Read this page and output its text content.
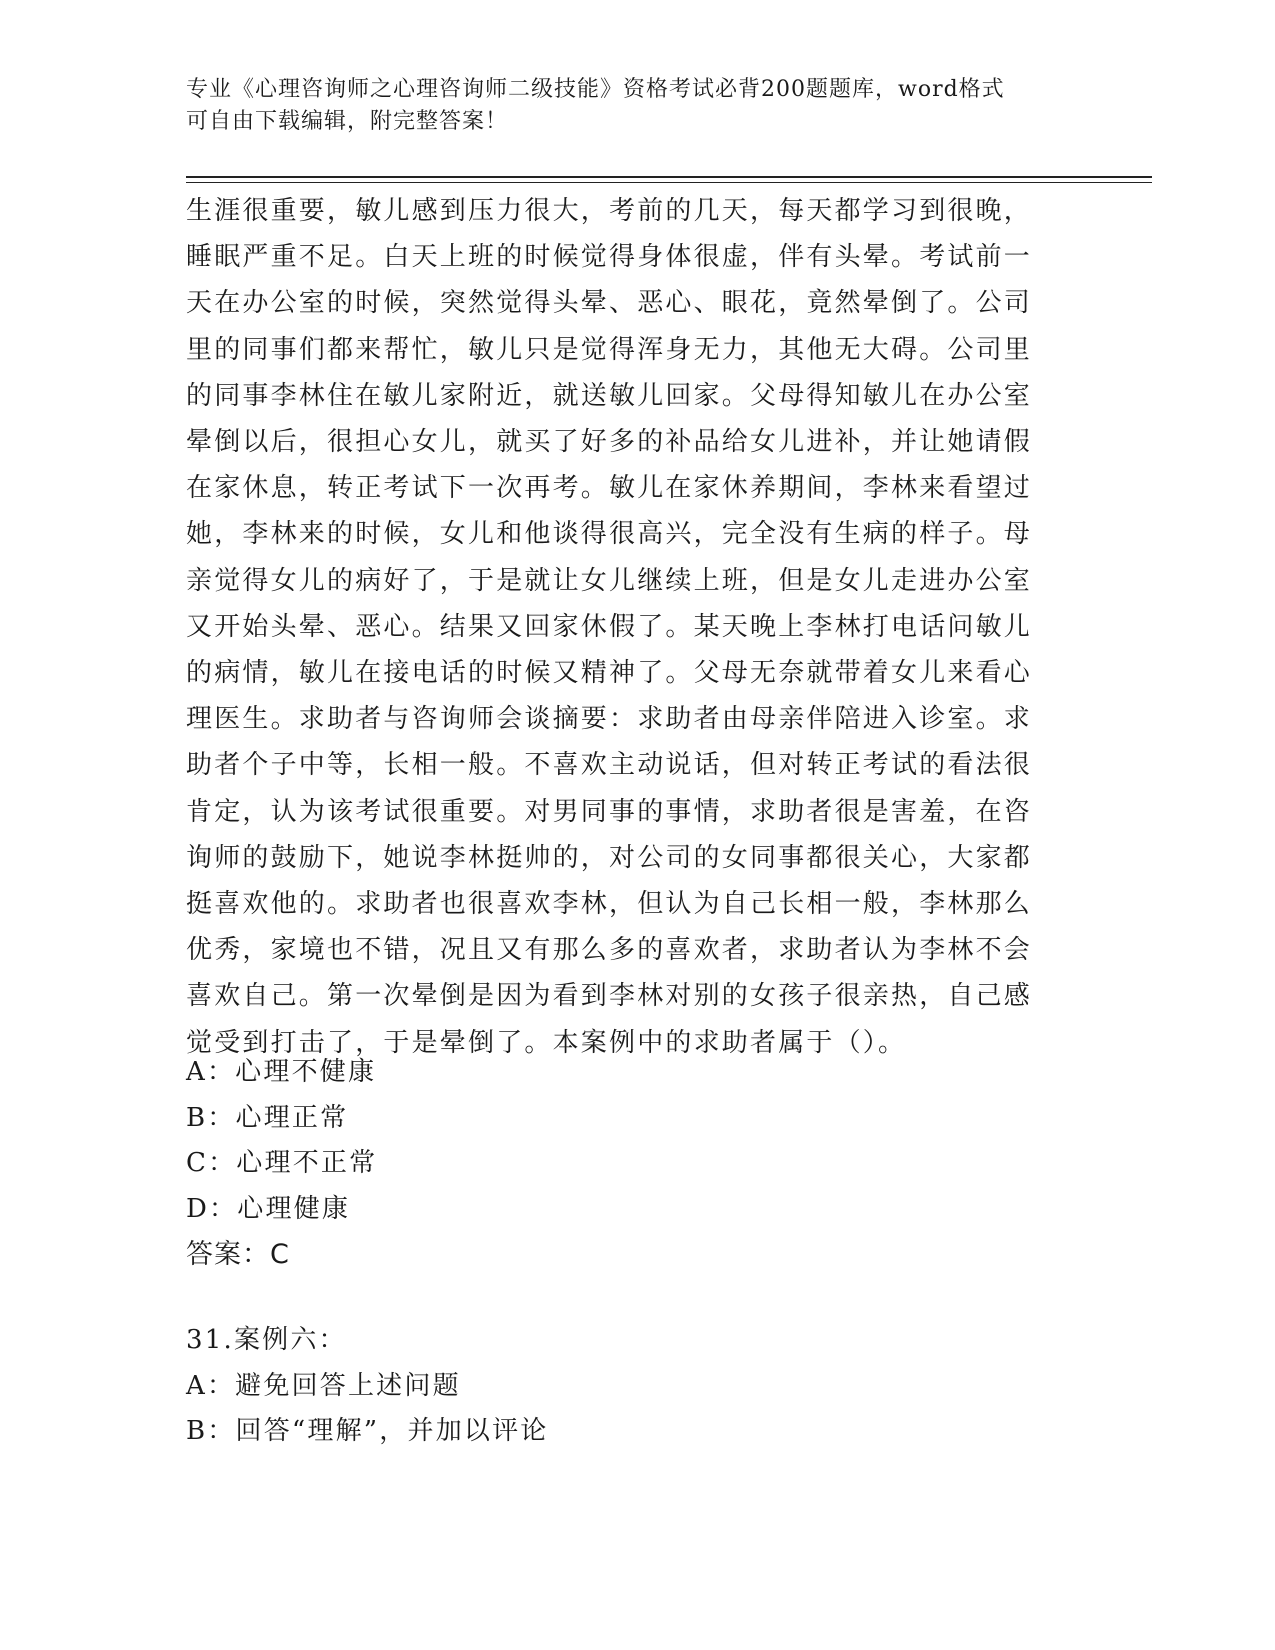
专业《心理咨询师之心理咨询师二级技能》资格考试必背200题题库，word格式
可自由下载编辑，附完整答案！
生涯很重要，敏儿感到压力很大，考前的几天，每天都学习到很晚，
睡眠严重不足。白天上班的时候觉得身体很虚，伴有头晕。考试前一
天在办公室的时候，突然觉得头晕、恶心、眼花，竟然晕倒了。公司
里的同事们都来帮忙，敏儿只是觉得浑身无力，其他无大碍。公司里
的同事李林住在敏儿家附近，就送敏儿回家。父母得知敏儿在办公室
晕倒以后，很担心女儿，就买了好多的补品给女儿进补，并让她请假
在家休息，转正考试下一次再考。敏儿在家休养期间，李林来看望过
她，李林来的时候，女儿和他谈得很高兴，完全没有生病的样子。母
亲觉得女儿的病好了，于是就让女儿继续上班，但是女儿走进办公室
又开始头晕、恶心。结果又回家休假了。某天晚上李林打电话问敏儿
的病情，敏儿在接电话的时候又精神了。父母无奈就带着女儿来看心
理医生。求助者与咨询师会谈摘要：求助者由母亲伴陪进入诊室。求
助者个子中等，长相一般。不喜欢主动说话，但对转正考试的看法很
肯定，认为该考试很重要。对男同事的事情，求助者很是害羞，在咨
询师的鼓励下，她说李林挺帅的，对公司的女同事都很关心，大家都
挺喜欢他的。求助者也很喜欢李林，但认为自己长相一般，李林那么
优秀，家境也不错，况且又有那么多的喜欢者，求助者认为李林不会
喜欢自己。第一次晕倒是因为看到李林对别的女孩子很亲热，自己感
觉受到打击了，于是晕倒了。本案例中的求助者属于（）。
A：心理不健康
B：心理正常
C：心理不正常
D：心理健康
答案：C
31.案例六：
A：避免回答上述问题
B：回答“理解”，并加以评论
